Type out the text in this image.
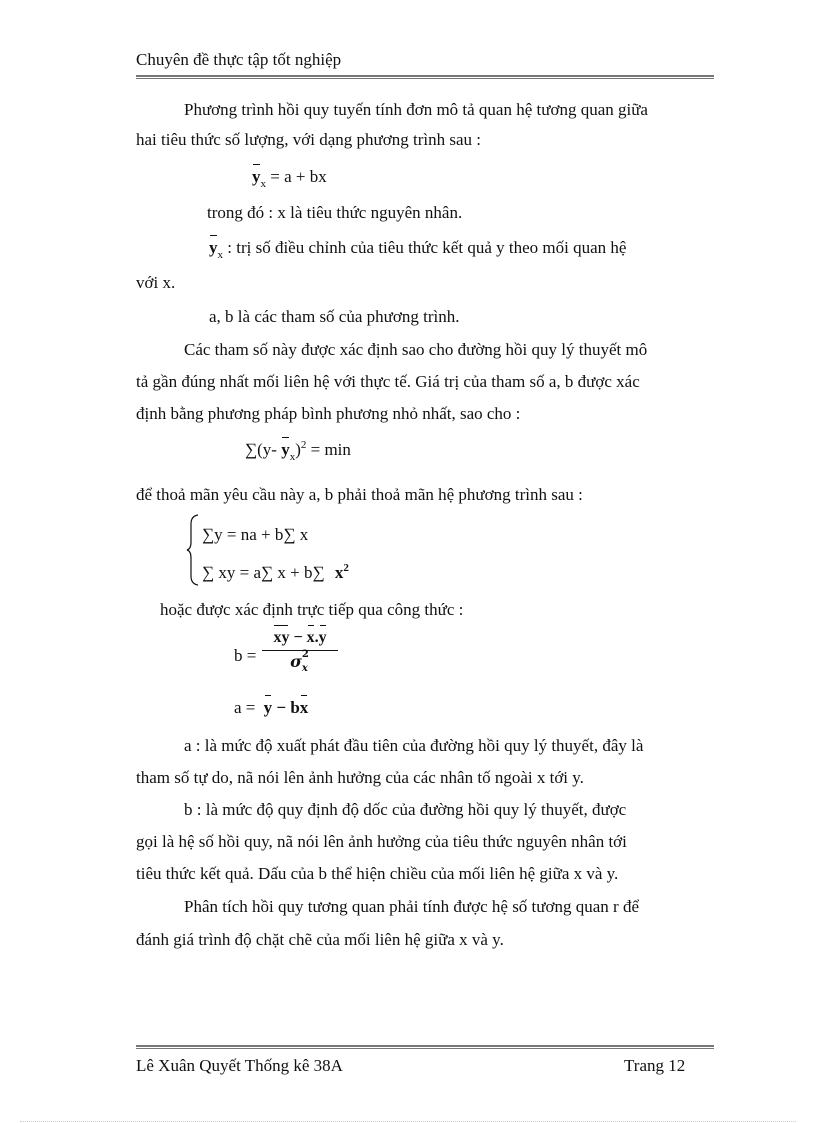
Chuyên đề thực tập tốt nghiệp
Phương trình hồi quy tuyến tính đơn mô tả quan hệ tương quan giữa
hai tiêu thức số lượng, với dạng phương trình sau :
$y_x = a$ + bx
trong đó : x là tiêu thức nguyên nhân.
$y_x$ : trị số điều chỉnh của tiêu thức kết quả y theo mối quan hệ
với x.
a, b là các tham số của phương trình.
Các tham số này được xác định sao cho đường hồi quy lý thuyết mô
tả gần đúng nhất mối liên hệ với thực tế. Giá trị của tham số a, b được xác
định bằng phương pháp bình phương nhỏ nhất, sao cho :
∑(y- $y_x)^2 = \min$
để thoả mãn yêu cầu này a, b phải thoả mãn hệ phương trình sau :
∑y = na + b∑ x
∑ xy = a∑ x + b∑ $x^2$
hoặc được xác định trực tiếp qua công thức :
b =
xy − x.y
σ 2
x
a = y − bx
a : là mức độ xuất phát đầu tiên của đường hồi quy lý thuyết, đây là
tham số tự do, nã nói lên ảnh hưởng của các nhân tố ngoài x tới y.
b : là mức độ quy định độ dốc của đường hồi quy lý thuyết, được
gọi là hệ số hồi quy, nã nói lên ảnh hưởng của tiêu thức nguyên nhân tới
tiêu thức kết quả. Dấu của b thể hiện chiều của mối liên hệ giữa x và y.
Phân tích hồi quy tương quan phải tính được hệ số tương quan r để
đánh giá trình độ chặt chẽ của mối liên hệ giữa x và y.
Lê Xuân Quyết Thống kê 38A	Trang 12
